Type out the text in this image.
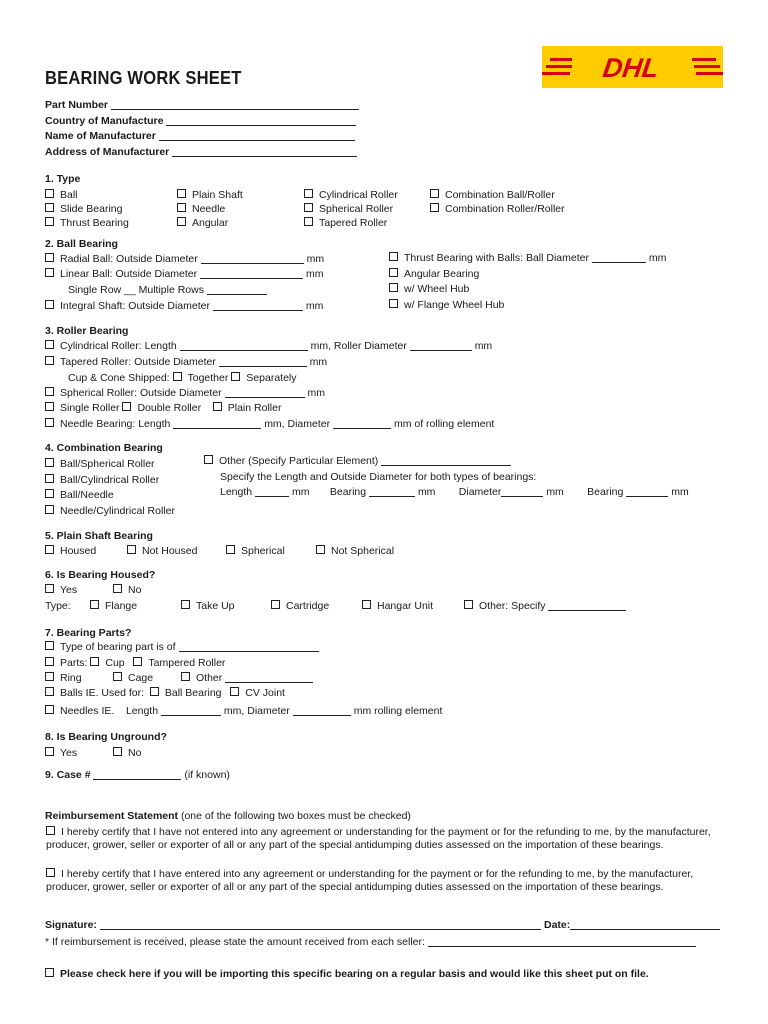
BEARING WORK SHEET	DHL
Part Number
Country of Manufacture
Name of Manufacturer
Address of Manufacturer
1. Type
Ball
Slide Bearing
Thrust Bearing
Plain Shaft
Needle
Angular
Cylindrical Roller
Spherical Roller
Tapered Roller
Combination Ball/Roller
Combination Roller/Roller
2. Ball Bearing
Radial Ball: Outside Diameter	mm
Linear Ball: Outside Diameter	mm
Single Row __ Multiple Rows
Integral Shaft: Outside Diameter	mm
Thrust Bearing with Balls: Ball Diameter	mm
Angular Bearing
w/ Wheel Hub
w/ Flange Wheel Hub
3. Roller Bearing
Cylindrical Roller: Length	mm, Roller Diameter	mm
Tapered Roller: Outside Diameter	mm
Cup & Cone Shipped: Together Separately
Spherical Roller: Outside Diameter	mm
Single Roller Double Roller	Plain Roller
Needle Bearing: Length	mm, Diameter	mm of rolling element
4. Combination Bearing
Ball/Spherical Roller
Ball/Cylindrical Roller
Ball/Needle
Needle/Cylindrical Roller
Other (Specify Particular Element)
Specify the Length and Outside Diameter for both types of bearings:
Length	mm Bearing	mm Diameter	mm Bearing	mm
5. Plain Shaft Bearing
Housed	Not Housed	Spherical	Not Spherical
6. Is Bearing Housed?
Yes	No
Type:	Flange	Take Up	Cartridge	Hangar Unit	Other: Specify
7. Bearing Parts?
Type of bearing part is of
Parts: Cup Tampered Roller
Ring	Cage	Other
Balls IE. Used for: Ball Bearing CV Joint
Needles IE. Length	mm, Diameter	mm rolling element
8. Is Bearing Unground?
Yes	No
9. Case #	(if known)
Reimbursement Statement (one of the following two boxes must be checked)
I hereby certify that I have not entered into any agreement or understanding for the payment or for the refunding to me, by the manufacturer, producer, grower, seller or exporter of all or any part of the special antidumping duties assessed on the importation of these bearings.
I hereby certify that I have entered into any agreement or understanding for the payment or for the refunding to me, by the manufacturer, producer, grower, seller or exporter of all or any part of the special antidumping duties assessed on the importation of these bearings.
Signature:	Date:
* If reimbursement is received, please state the amount received from each seller:
Please check here if you will be importing this specific bearing on a regular basis and would like this sheet put on file.
